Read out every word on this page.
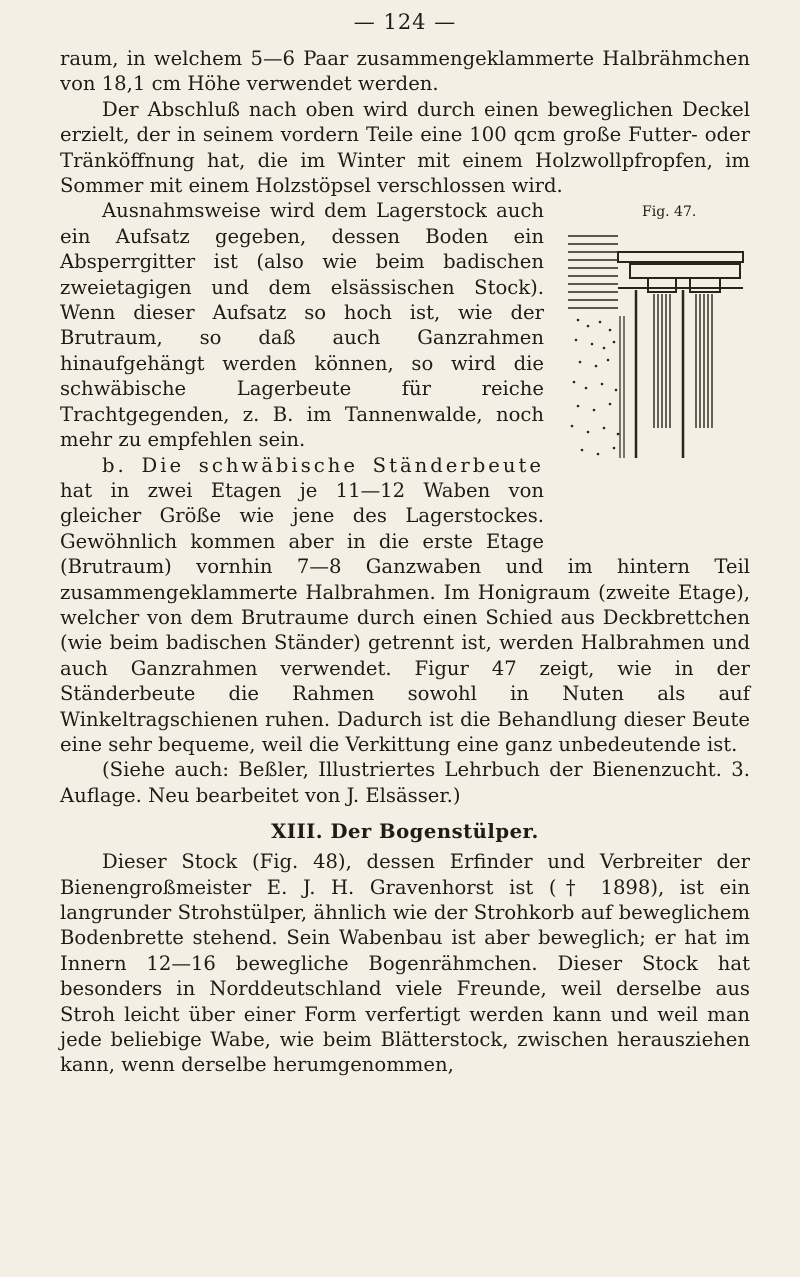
— 124 —

raum, in welchem 5—6 Paar zusammengeklammerte Halbrähmchen von 18,1 cm Höhe verwendet werden.

Der Abschluß nach oben wird durch einen beweglichen Deckel erzielt, der in seinem vordern Teile eine 100 qcm große Futter- oder Tränköffnung hat, die im Winter mit einem Holzwollpfropfen, im Sommer mit einem Holzstöpsel verschlossen wird.

Fig. 47.

Ausnahmsweise wird dem Lagerstock auch ein Aufsatz gegeben, dessen Boden ein Absperrgitter ist (also wie beim badischen zweietagigen und dem elsässischen Stock). Wenn dieser Aufsatz so hoch ist, wie der Brutraum, so daß auch Ganzrahmen hinaufgehängt werden können, so wird die schwäbische Lagerbeute für reiche Trachtgegenden, z. B. im Tannenwalde, noch mehr zu empfehlen sein.

b. Die schwäbische Ständerbeute hat in zwei Etagen je 11—12 Waben von gleicher Größe wie jene des Lagerstockes. Gewöhnlich kommen aber in die erste Etage (Brutraum) vornhin 7—8 Ganzwaben und im hintern Teil zusammengeklammerte Halbrahmen. Im Honigraum (zweite Etage), welcher von dem Brutraume durch einen Schied aus Deckbrettchen (wie beim badischen Ständer) getrennt ist, werden Halbrahmen und auch Ganzrahmen verwendet. Figur 47 zeigt, wie in der Ständerbeute die Rahmen sowohl in Nuten als auf Winkeltragschienen ruhen. Dadurch ist die Behandlung dieser Beute eine sehr bequeme, weil die Verkittung eine ganz unbedeutende ist.

(Siehe auch: Beßler, Illustriertes Lehrbuch der Bienenzucht. 3. Auflage. Neu bearbeitet von J. Elsässer.)

XIII. Der Bogenstülper.

Dieser Stock (Fig. 48), dessen Erfinder und Verbreiter der Bienengroßmeister E. J. H. Gravenhorst ist († 1898), ist ein langrunder Strohstülper, ähnlich wie der Strohkorb auf beweglichem Bodenbrette stehend. Sein Wabenbau ist aber beweglich; er hat im Innern 12—16 bewegliche Bogenrähmchen. Dieser Stock hat besonders in Norddeutschland viele Freunde, weil derselbe aus Stroh leicht über einer Form verfertigt werden kann und weil man jede beliebige Wabe, wie beim Blätterstock, zwischen herausziehen kann, wenn derselbe herumgenommen,
